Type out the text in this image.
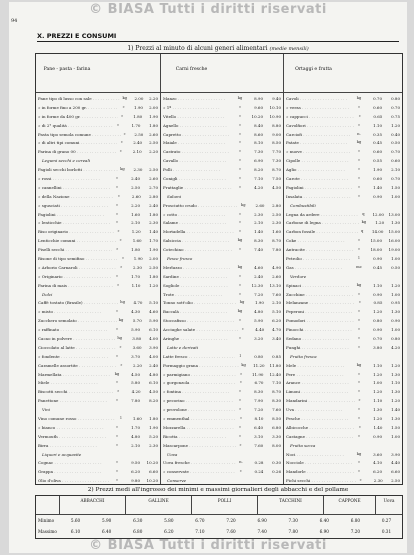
© BIASA Tutti i diritti riservati
94
X. PREZZI E CONSUMI
1) Prezzi al minuto di alcuni generi alimentari (medie mensili)
Pane - pasta - farina
Pane tipo di lusso con sale . . .	kg	2.00	2.20
» in forme fino a 200 gr. . . .	»	1.90	2.00
» in forme da 400 gr. . . .	»	1.80	1.90
» di 2° qualità . . .	»	1.70	1.80
Pasta tipo semola comune . . .	»	2.50	2.60
» di altri tipi comuni . . .	»	2.40	2.50
Farina di grano 00 . . .	»	2.10	2.20
Legumi secchi e cereali
Fagioli secchi borlotti . . .	kg	2.30	2.50
» rossi . . .	»	2.40	2.60
» cannellini . . .	»	2.50	2.70
» della Nazione . . .	»	2.60	2.80
» sgusciati . . .	»	2.20	2.40
Fagiolini . . .	»	1.60	1.80
» lenticchie . . .	»	2.10	2.30
Riso originario . . .	»	1.20	1.40
Lenticchie comuni . . .	»	1.60	1.70
Piselli secchi . . .	»	1.80	1.90
Risone di tipo semifino . . .	»	1.90	2.00
» Arborio Carnaroli . . .	»	2.30	2.50
» Originario . . .	»	1.70	1.80
Farina di mais . . .	»	1.10	1.20
Dolci
Caffè tostato (Brasile) . . .	hg	4.70	5.10
» misto . . .	»	4.30	4.60
Zucchero semolato . . .	kg	5.70	5.90
» raffinato . . .	»	5.90	6.10
Cacao in polvere . . .	hg	3.80	4.00
Cioccolato al latte . . .	»	3.60	3.90
» fondente . . .	»	3.70	4.00
Caramelle assortite . . .	»	2.20	2.40
Marmellata . . .	kg	4.50	4.80
Miele . . .	»	5.80	6.10
Biscotti secchi . . .	»	4.20	4.50
Panettone . . .	»	7.80	8.20
Vini
Vino comune rosso . . .	l	1.60	1.80
» bianco . . .	»	1.70	1.90
Vermouth . . .	»	4.80	5.20
Birra . . .	»	2.10	2.30
Liquori e acquavite
Cognac . . .	»	9.50	10.20
Grappa . . .	»	6.20	6.60
Olio d'oliva . . .	»	9.80	10.20
Carni fresche
Manzo . . .	kg	8.90	9.40
» 1ª . . .	»	9.60	10.10
Vitello . . .	»	10.20	10.90
Agnello . . .	»	8.40	8.80
Capretto . . .	»	8.60	9.00
Maiale . . .	»	8.10	8.50
Castrato . . .	»	7.30	7.70
Cavallo . . .	»	6.90	7.30
Polli . . .	»	8.20	8.70
Conigli . . .	»	7.10	7.50
Frattaglie . . .	»	4.20	4.50
Salumi
Prosciutto crudo . . .	hg	2.60	2.80
» cotto . . .	»	2.30	2.50
Salame . . .	»	2.10	2.30
Mortadella . . .	»	1.40	1.60
Salsiccia . . .	kg	8.30	8.70
Cotechino . . .	»	7.40	7.80
Pesce fresco
Merluzzo . . .	kg	4.60	4.90
Sardine . . .	»	2.40	2.60
Sogliole . . .	»	12.30	13.10
Trote . . .	»	7.20	7.60
Tonno sott'olio . . .	hg	1.90	2.10
Baccalà . . .	kg	4.80	5.10
Stoccafisso . . .	»	5.90	6.20
Acciughe salate . . .	»	4.40	4.70
Aringhe . . .	»	3.20	3.40
Latte e derivati
Latte fresco . . .	l	0.80	0.85
Formaggio grana . . .	kg	11.20	11.80
» parmigiano . . .	»	11.90	12.40
» gorgonzola . . .	»	6.70	7.10
» fontina . . .	»	8.30	8.70
» pecorino . . .	»	7.90	8.30
» provolone . . .	»	7.20	7.60
» emmenthal . . .	»	8.10	8.50
Mozzarella . . .	»	6.40	6.80
Ricotta . . .	»	3.10	3.30
Mascarpone . . .	»	7.60	8.00
Uova
Uova fresche . . .	n.	0.28	0.30
» conservate . . .	»	0.24	0.26
Conserve
Ortaggi e frutta
Cavoli . . .	kg	0.70	0.80
» verza . . .	»	0.60	0.70
» cappucci . . .	»	0.65	0.75
Cavolfiori . . .	»	1.10	1.20
Carciofi . . .	n.	0.35	0.40
Patate . . .	kg	0.45	0.50
» nuove . . .	»	0.60	0.70
Cipolle . . .	»	0.55	0.60
Aglio . . .	»	1.90	2.10
Carote . . .	»	0.60	0.70
Fagiolini . . .	»	1.40	1.50
Insalata . . .	»	0.90	1.00
Combustibili
Legna da ardere . . .	q	12.00	13.00
Carbone di legna . . .	kg	1.20	1.30
Carbon fossile . . .	q	14.00	15.00
Coke . . .	»	15.00	16.00
Antracite . . .	»	18.00	19.00
Petrolio . . .	l	0.90	1.00
Gas . . .	mc	0.45	0.50
Verdure
Spinaci . . .	kg	1.10	1.20
Zucchine . . .	»	0.90	1.00
Melanzane . . .	»	0.85	0.95
Peperoni . . .	»	1.20	1.30
Pomodori . . .	»	0.80	0.90
Finocchi . . .	»	0.90	1.00
Sedano . . .	»	0.70	0.80
Funghi . . .	»	3.80	4.20
Frutta fresca
Mele . . .	kg	1.10	1.20
Pere . . .	»	1.20	1.30
Arance . . .	»	1.00	1.10
Limoni . . .	»	1.20	1.30
Mandarini . . .	»	1.10	1.20
Uva . . .	»	1.30	1.40
Pesche . . .	»	1.20	1.30
Albicocche . . .	»	1.40	1.50
Castagne . . .	»	0.90	1.00
Frutta secca
Noci . . .	kg	3.60	3.90
Nocciole . . .	»	4.10	4.40
Mandorle . . .	»	6.20	6.60
Fichi secchi . . .	»	2.30	2.50
2) Prezzi medi all'ingrosso dei minimi e massimi giornalieri degli abbacchi e del pollame
ABBACCHI	GALLINE	POLLI	TACCHINI	CAPPONE	Uova
Minimo	5.60	5.90	6.30	5.80	6.70	7.20	6.90	7.30	6.40	6.80	0.27
Massimo	6.10	6.40	6.80	6.20	7.10	7.60	7.40	7.80	6.90	7.20	0.31
© BIASA Tutti i diritti riservati
